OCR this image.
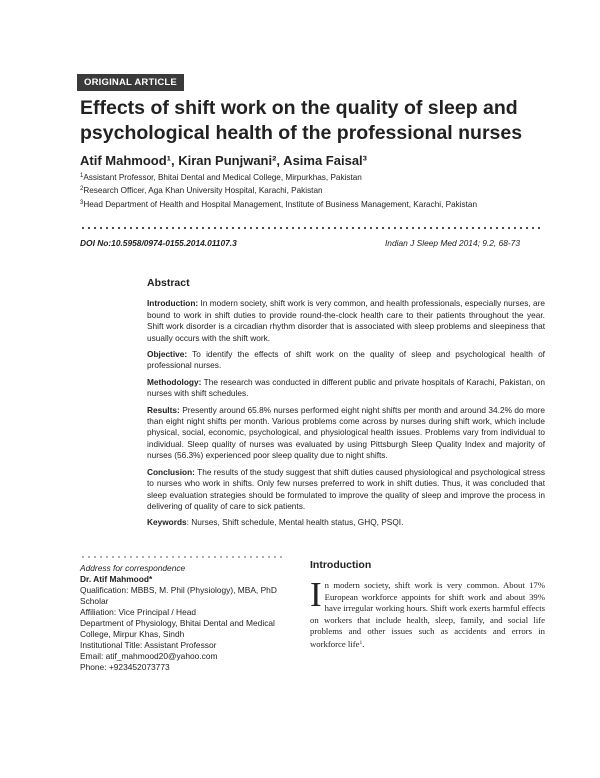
ORIGINAL ARTICLE
Effects of shift work on the quality of sleep and psychological health of the professional nurses
Atif Mahmood¹, Kiran Punjwani², Asima Faisal³
$^1$Assistant Professor, Bhitai Dental and Medical College, Mirpurkhas, Pakistan
$^2$Research Officer, Aga Khan University Hospital, Karachi, Pakistan
$^3$Head Department of Health and Hospital Management, Institute of Business Management, Karachi, Pakistan
DOI No:10.5958/0974-0155.2014.01107.3	Indian J Sleep Med 2014; 9.2, 68-73
Abstract

Introduction: In modern society, shift work is very common, and health professionals, especially nurses, are bound to work in shift duties to provide round-the-clock health care to their patients throughout the year. Shift work disorder is a circadian rhythm disorder that is associated with sleep problems and sleepiness that usually occurs with the shift work.

Objective: To identify the effects of shift work on the quality of sleep and psychological health of professional nurses.

Methodology: The research was conducted in different public and private hospitals of Karachi, Pakistan, on nurses with shift schedules.

Results: Presently around 65.8% nurses performed eight night shifts per month and around 34.2% do more than eight night shifts per month. Various problems come across by nurses during shift work, which include physical, social, economic, psychological, and physiological health issues. Problems vary from individual to individual. Sleep quality of nurses was evaluated by using Pittsburgh Sleep Quality Index and majority of nurses (56.3%) experienced poor sleep quality due to night shifts.

Conclusion: The results of the study suggest that shift duties caused physiological and psychological stress to nurses who work in shifts. Only few nurses preferred to work in shift duties. Thus, it was concluded that sleep evaluation strategies should be formulated to improve the quality of sleep and improve the process in delivering of quality of care to sick patients.

Keywords: Nurses, Shift schedule, Mental health status, GHQ, PSQI.

Address for correspondence
Dr. Atif Mahmood*
Qualification: MBBS, M. Phil (Physiology), MBA, PhD Scholar
Affiliation: Vice Principal / Head
Department of Physiology, Bhitai Dental and Medical College, Mirpur Khas, Sindh
Institutional Title: Assistant Professor
Email: atif_mahmood20@yahoo.com
Phone: +923452073773
Introduction
In modern society, shift work is very common. About 17% European workforce appoints for shift work and about 39% have irregular working hours. Shift work exerts harmful effects on workers that include health, sleep, family, and social life problems and other issues such as accidents and errors in workforce life$^1$.
